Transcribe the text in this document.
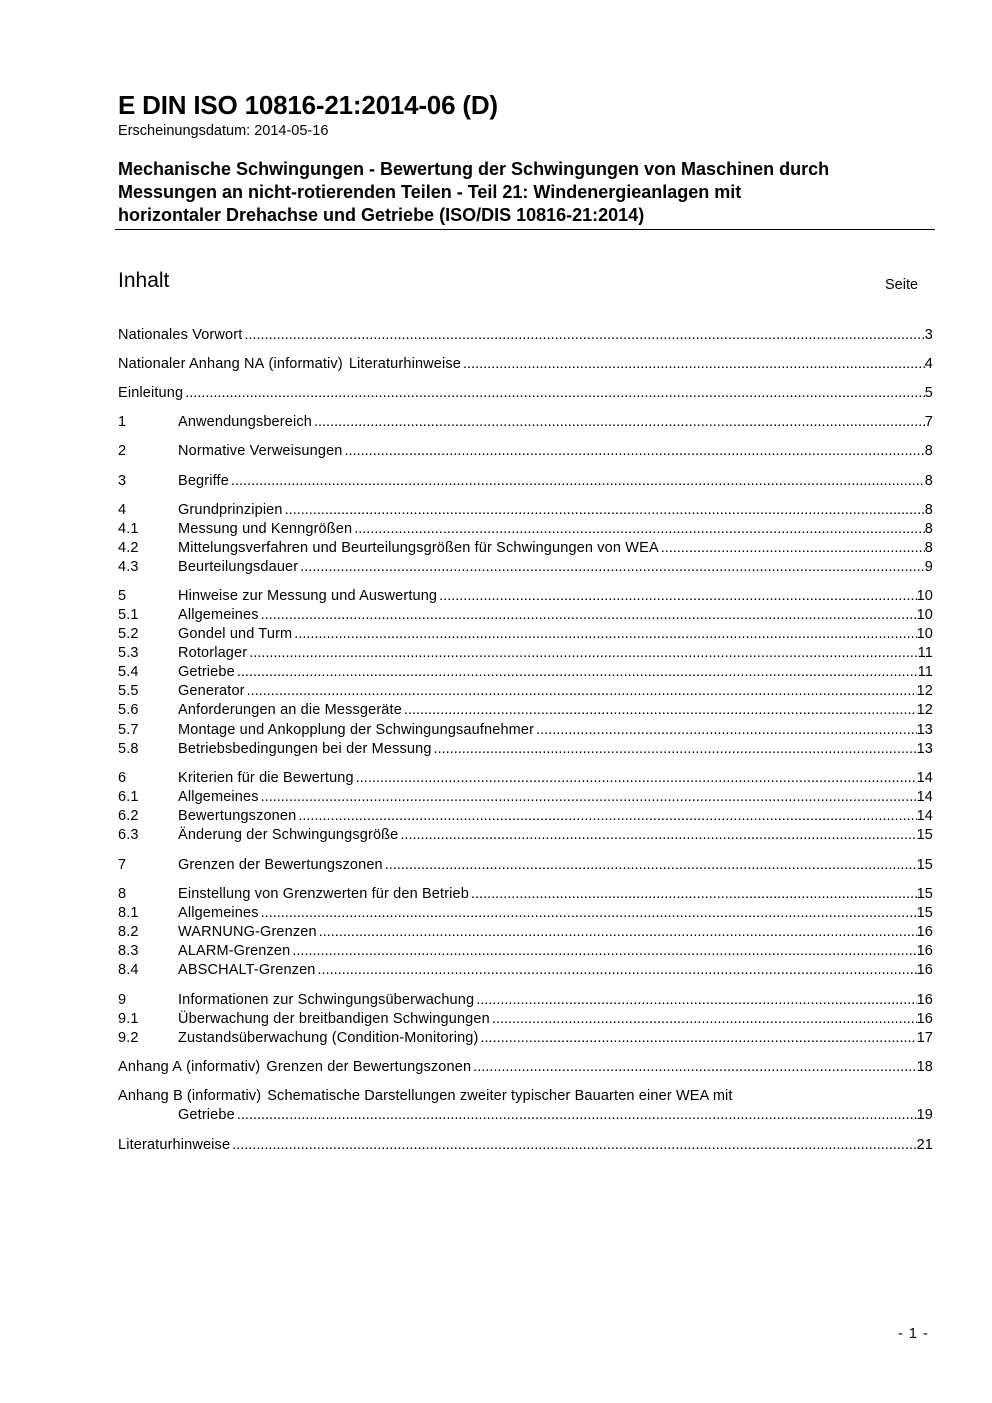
E DIN ISO 10816-21:2014-06 (D)
Erscheinungsdatum: 2014-05-16
Mechanische Schwingungen - Bewertung der Schwingungen von Maschinen durch
Messungen an nicht-rotierenden Teilen - Teil 21: Windenergieanlagen mit
horizontaler Drehachse und Getriebe (ISO/DIS 10816-21:2014)
Inhalt	Seite
Nationales Vorwort .....	3
Nationaler Anhang NA (informativ) Literaturhinweise .....	4
Einleitung .....	5
1	Anwendungsbereich .....	7
2	Normative Verweisungen .....	8
3	Begriffe .....	8
4	Grundprinzipien .....	8
4.1	Messung und Kenngrößen .....	8
4.2	Mittelungsverfahren und Beurteilungsgrößen für Schwingungen von WEA .....	8
4.3	Beurteilungsdauer .....	9
5	Hinweise zur Messung und Auswertung .....	10
5.1	Allgemeines .....	10
5.2	Gondel und Turm .....	10
5.3	Rotorlager .....	11
5.4	Getriebe .....	11
5.5	Generator .....	12
5.6	Anforderungen an die Messgeräte .....	12
5.7	Montage und Ankopplung der Schwingungsaufnehmer .....	13
5.8	Betriebsbedingungen bei der Messung .....	13
6	Kriterien für die Bewertung .....	14
6.1	Allgemeines .....	14
6.2	Bewertungszonen .....	14
6.3	Änderung der Schwingungsgröße .....	15
7	Grenzen der Bewertungszonen .....	15
8	Einstellung von Grenzwerten für den Betrieb .....	15
8.1	Allgemeines .....	15
8.2	WARNUNG-Grenzen .....	16
8.3	ALARM-Grenzen .....	16
8.4	ABSCHALT-Grenzen .....	16
9	Informationen zur Schwingungsüberwachung .....	16
9.1	Überwachung der breitbandigen Schwingungen .....	16
9.2	Zustandsüberwachung (Condition-Monitoring) .....	17
Anhang A (informativ) Grenzen der Bewertungszonen .....	18
Anhang B (informativ) Schematische Darstellungen zweiter typischer Bauarten einer WEA mit
Getriebe .....	19
Literaturhinweise .....	21
- 1 -
